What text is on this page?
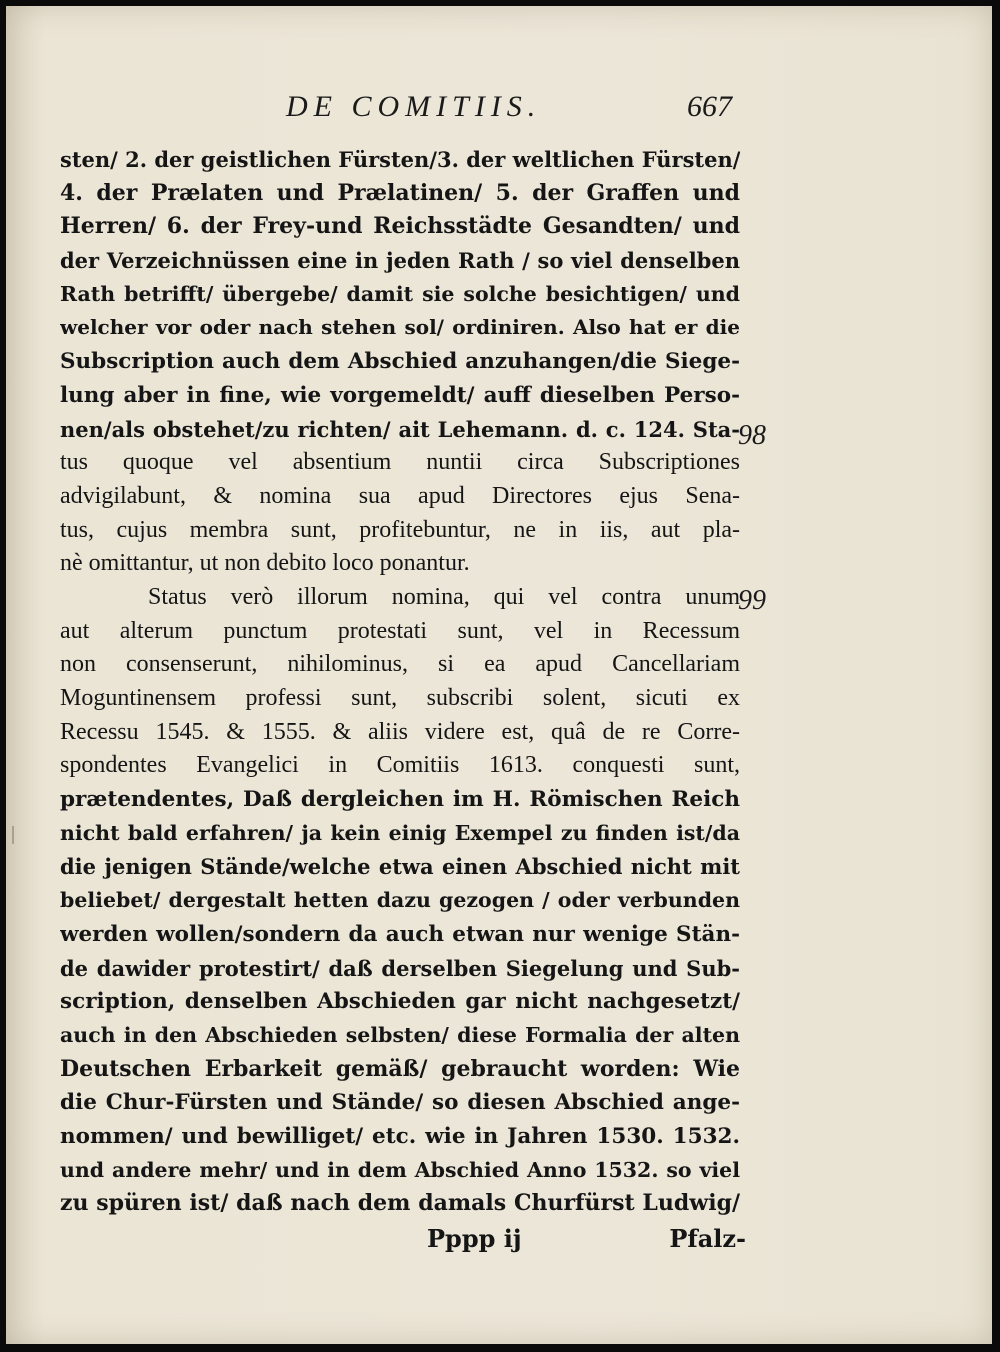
DE COMITIIS.	667
sten/ 2. der geistlichen Fürsten/3. der weltlichen Fürsten/
4. der Prælaten und Prælatinen/ 5. der Graffen und
Herren/ 6. der Frey-und Reichsstädte Gesandten/ und
der Verzeichnüssen eine in jeden Rath / so viel denselben
Rath betrifft/ übergebe/ damit sie solche besichtigen/ und
welcher vor oder nach stehen sol/ ordiniren. Also hat er die
Subscription auch dem Abschied anzuhangen/die Siege-
lung aber in fine, wie vorgemeldt/ auff dieselben Perso-
nen/als obstehet/zu richten/ ait Lehemann. d. c. 124. Sta-
tus quoque vel absentium nuntii circa Subscriptiones
advigilabunt, & nomina sua apud Directores ejus Sena-
tus, cujus membra sunt, profitebuntur, ne in iis, aut pla-
nè omittantur, ut non debito loco ponantur.
Status verò illorum nomina, qui vel contra unum
aut alterum punctum protestati sunt, vel in Recessum
non consenserunt, nihilominus, si ea apud Cancellariam
Moguntinensem professi sunt, subscribi solent, sicuti ex
Recessu 1545. & 1555. & aliis videre est, quâ de re Corre-
spondentes Evangelici in Comitiis 1613. conquesti sunt,
prætendentes, Daß dergleichen im H. Römischen Reich
nicht bald erfahren/ ja kein einig Exempel zu finden ist/da
die jenigen Stände/welche etwa einen Abschied nicht mit
beliebet/ dergestalt hetten dazu gezogen / oder verbunden
werden wollen/sondern da auch etwan nur wenige Stän-
de dawider protestirt/ daß derselben Siegelung und Sub-
scription, denselben Abschieden gar nicht nachgesetzt/
auch in den Abschieden selbsten/ diese Formalia der alten
Deutschen Erbarkeit gemäß/ gebraucht worden: Wie
die Chur-Fürsten und Stände/ so diesen Abschied ange-
nommen/ und bewilliget/ etc. wie in Jahren 1530. 1532.
und andere mehr/ und in dem Abschied Anno 1532. so viel
zu spüren ist/ daß nach dem damals Churfürst Ludwig/
98
99
Pppp ij	Pfalz-
